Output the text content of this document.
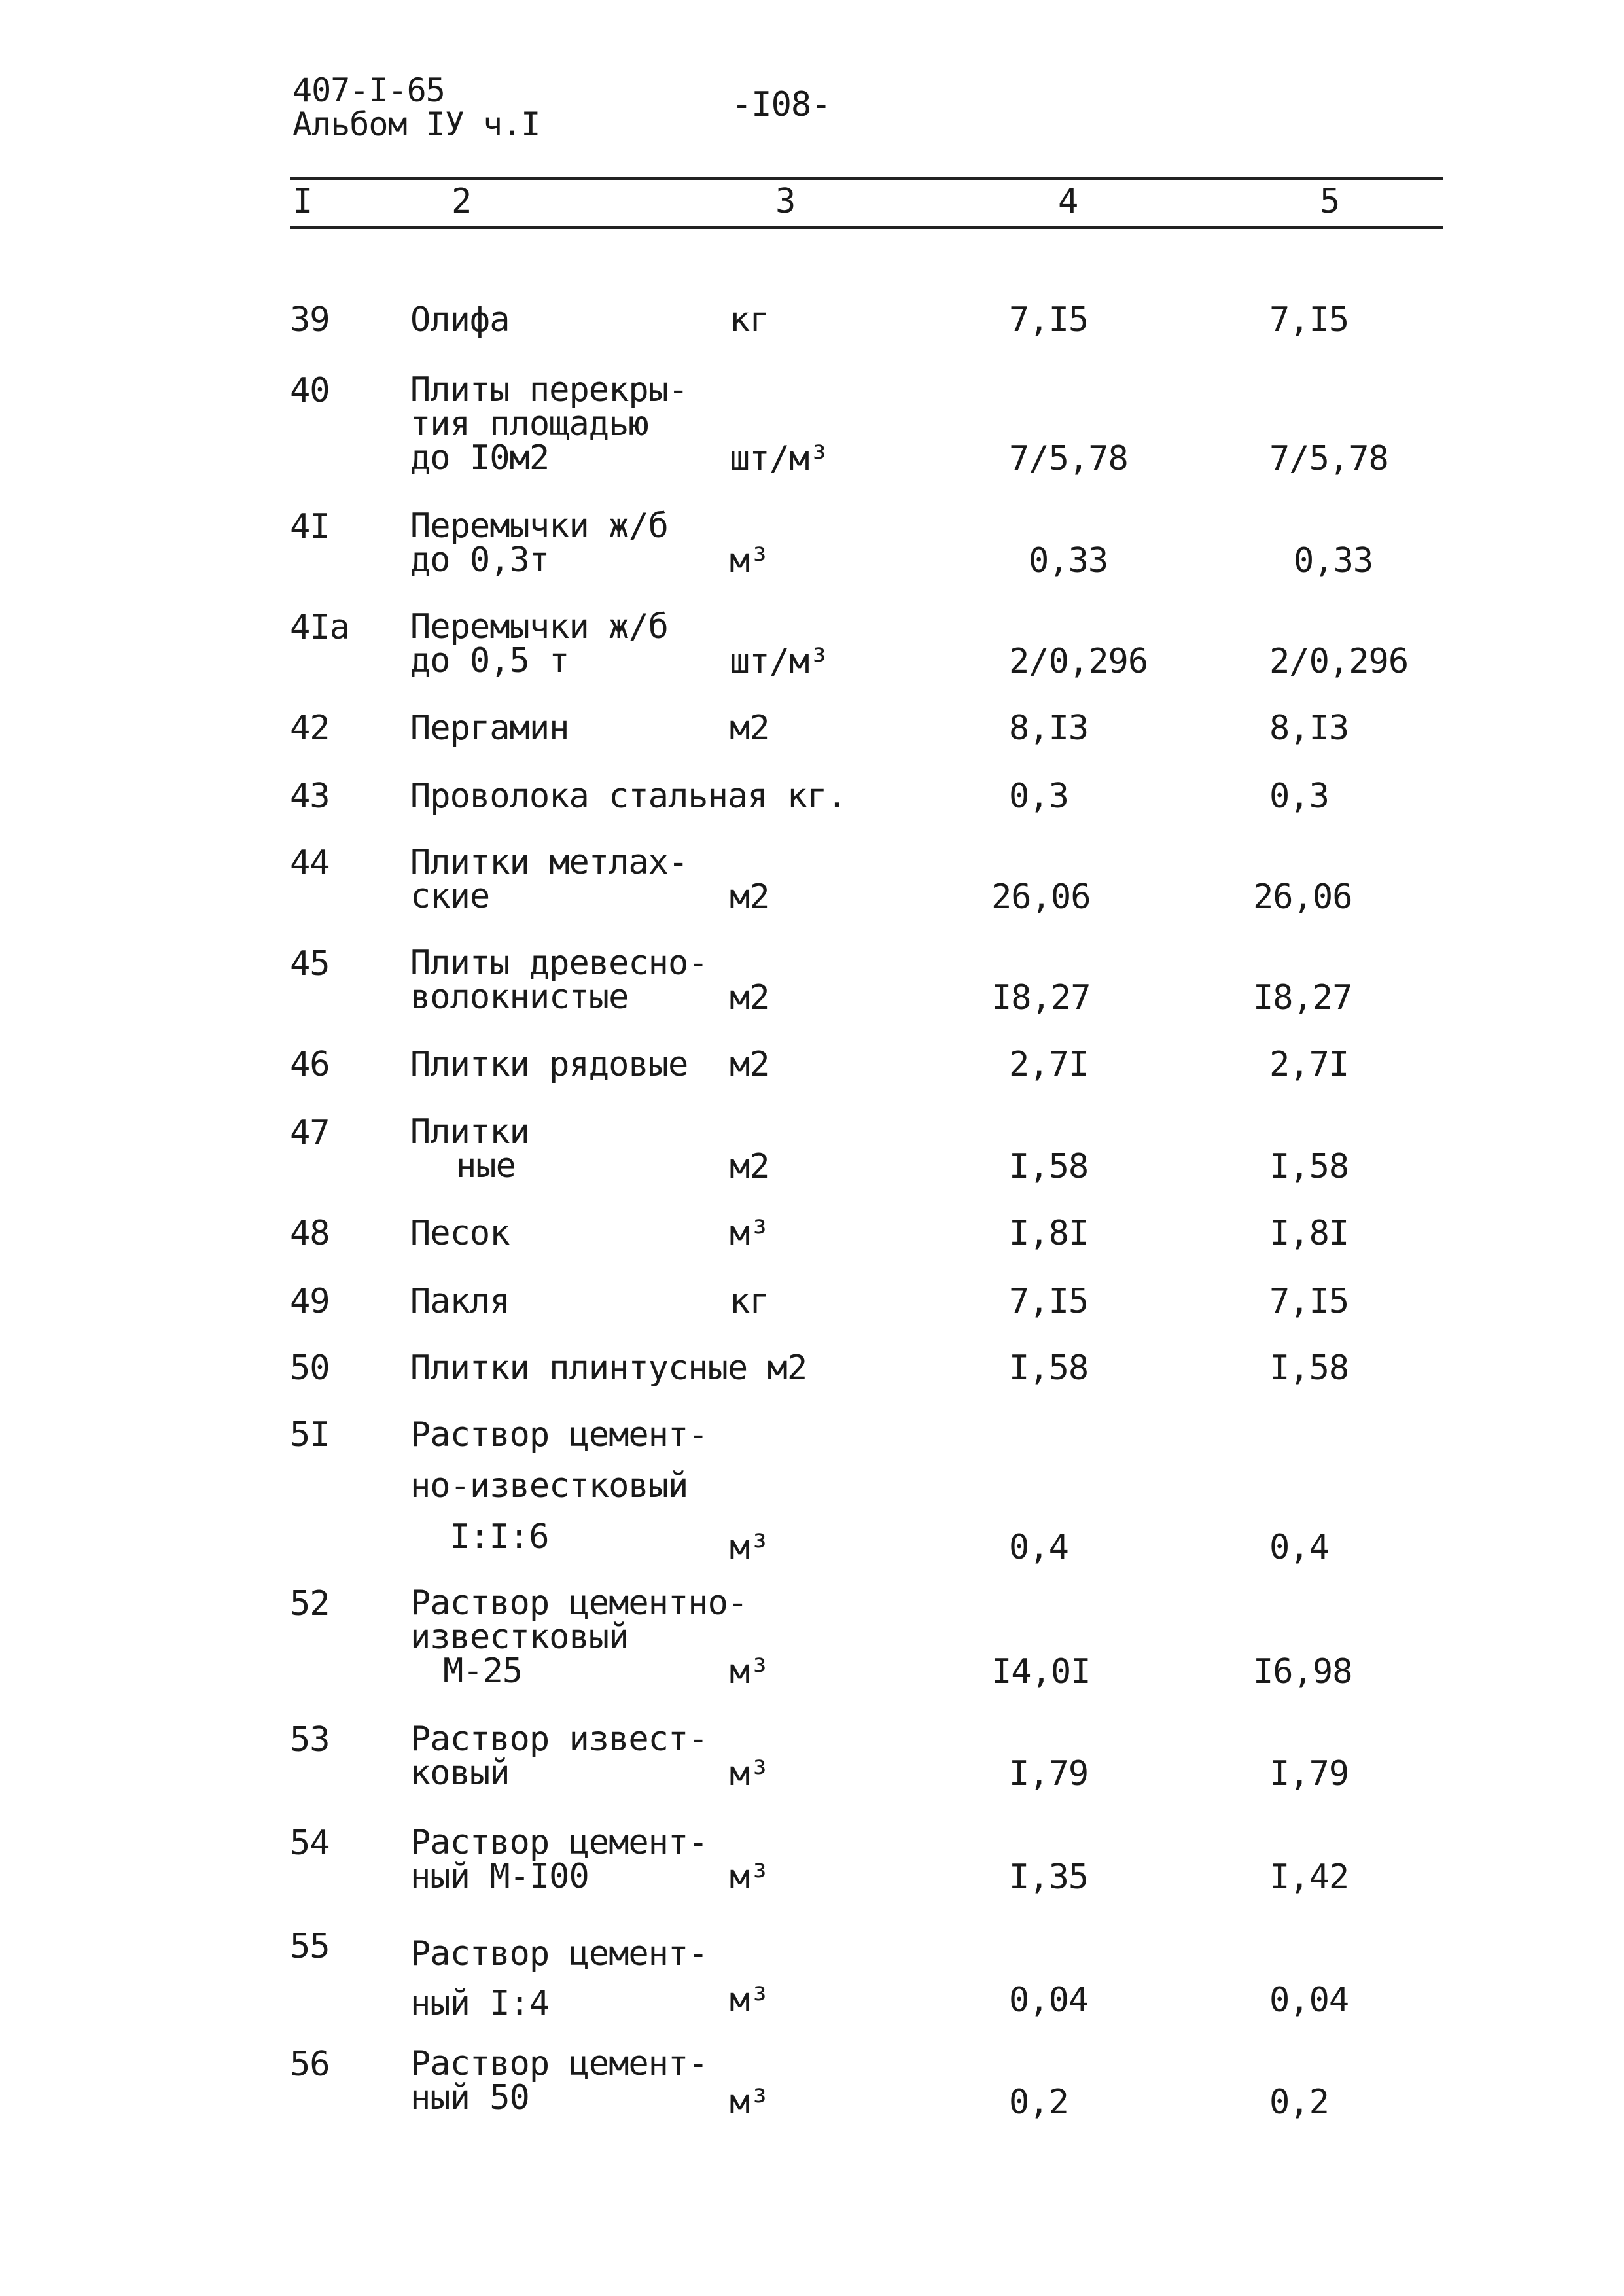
407-I-65
Альбом IУ ч.I	-I08-
I	2	3	4	5
39 Олифа	кг	7,I5	7,I5
40 Плиты перекры-
тия площадью
до I0м2	шт/м³	7/5,78	7/5,78
4I Перемычки ж/б
до 0,3т	м³	0,33	0,33
4Iа Перемычки ж/б
до 0,5 т	шт/м³	2/0,296	2/0,296
42 Пергамин	м2	8,I3	8,I3
43 Проволока стальная кг.	0,3	0,3
44 Плитки метлах-
ские	м2	26,06	26,06
45 Плиты древесно-
волокнистые	м2	I8,27	I8,27
46 Плитки рядовые м2	2,7I	2,7I
47 Плитки
ные	м2	I,58	I,58
48 Песок	м³	I,8I	I,8I
49 Пакля	кг	7,I5	7,I5
50 Плитки плинтусные м2	I,58	I,58
5I Раствор цемент-
но-известковый
I:I:6	м³	0,4	0,4
52 Раствор цементно-
известковый
М-25	м³	I4,0I	I6,98
53 Раствор извест-
ковый	м³	I,79	I,79
54 Раствор цемент-
ный М-I00	м³	I,35	I,42
55 Раствор цемент-
ный I:4	м³	0,04	0,04
56 Раствор цемент-
ный 50	м³	0,2	0,2
